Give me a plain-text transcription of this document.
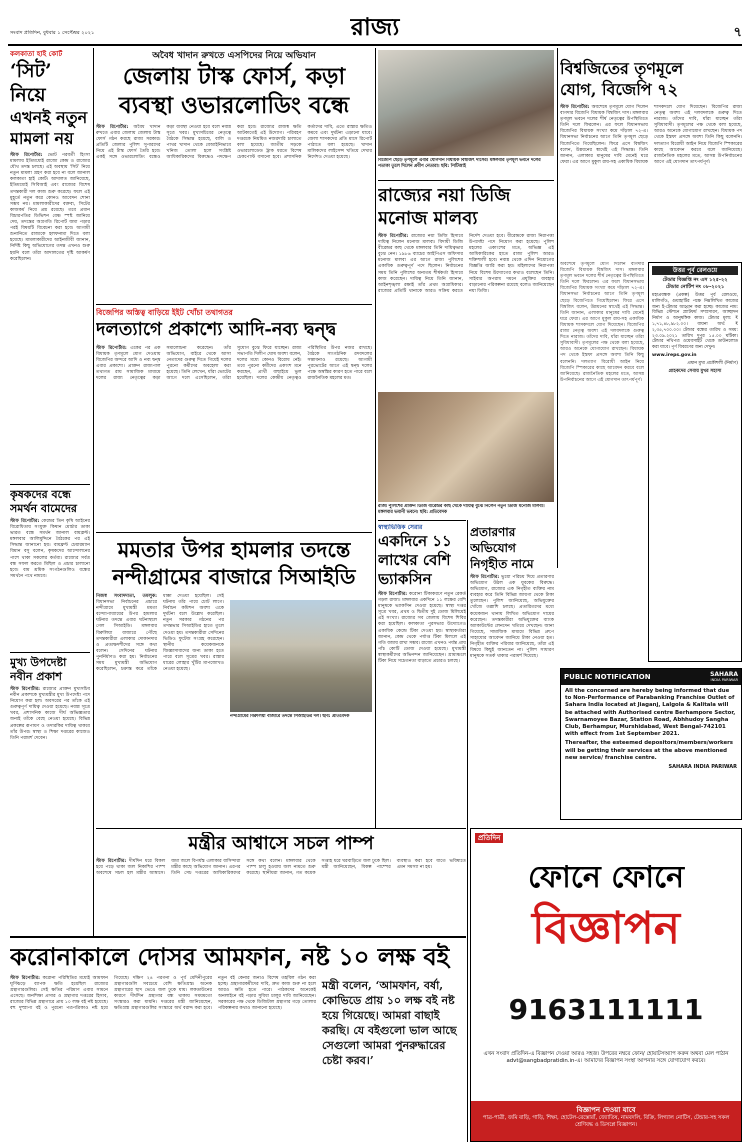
সংবাদ প্রতিদিন, বুধবার ১ সেপ্টেম্বর ২০২১	রাজ্য	৭
কলকাতা হাই কোর্ট
‘সিট’ নিয়ে
এখনই নতুন
মামলা নয়

স্টাফ রিপোর্টার: ভোট পরবর্তী হিংসা মামলায় ইতিমধ্যেই রাজ্যে কেন্দ্র ও রাজ্যের যৌথ তদন্ত চলছে। এই অবস্থায় ‘সিট’ নিয়ে নতুন মামলা গ্রহণ করা হবে না বলে জানাল কলকাতা হাই কোর্ট। আদালত জানিয়েছে, ইতিমধ্যেই সিবিআই এবং রাজ্যের বিশেষ তদন্তকারী দল কাজ শুরু করেছে। ফলে এই মুহূর্তে নতুন করে কোনও আবেদন শোনা সম্ভব নয়। মামলাকারীদের বক্তব্য, সিটের কাজকর্ম নিয়ে প্রশ্ন রয়েছে। তবে প্রধান বিচারপতির ডিভিশন বেঞ্চ স্পষ্ট জানিয়ে দেয়, তদন্তের অগ্রগতি রিপোর্ট জমা পড়ার পরই বিষয়টি বিবেচনা করা হবে। আগামী শুনানিতে রাজ্যকে হলফনামা দিতে বলা হয়েছে। মামলাকারীদের আইনজীবী জানান, নির্দিষ্ট কিছু অভিযোগের তদন্ত এখনও শুরু হয়নি বলে তাঁরা আদালতের দৃষ্টি আকর্ষণ করেছিলেন।

অবৈধ খাদান রুখতে এসপিদের নিয়ে অভিযান
জেলায় টাস্ক ফোর্স, কড়া
ব্যবস্থা ওভারলোডিং বন্ধে

স্টাফ রিপোর্টার: অবৈধ খাদান রুখতে এবার জেলায় জেলায় টাস্ক ফোর্স গঠন করছে রাজ্য সরকার। প্রতিটি জেলার পুলিশ সুপারদের নিয়ে এই টাস্ক ফোর্স তৈরি হবে। একই সঙ্গে ওভারলোডিং বন্ধেও কড়া ব্যবস্থা নেওয়া হবে বলে নবান্ন সূত্রে খবর। মুখ্যসচিবের নেতৃত্বে বৈঠকে সিদ্ধান্ত হয়েছে, বালি ও পাথর খাদান থেকে বেআইনিভাবে খনিজ তোলা হলে সংশ্লিষ্ট আধিকারিকদের বিরুদ্ধেও পদক্ষেপ করা হবে। রাজ্যের রাজস্ব ক্ষতি আটকাতেই এই উদ্যোগ। পরিবহণ দপ্তরকে নিয়মিত নজরদারি চালাতে বলা হয়েছে। জাতীয় সড়কে ওভারলোডেড ট্রাক ধরতে বিশেষ চেকপোস্ট বসানো হবে। প্রশাসনিক কর্তাদের দাবি, এতে রাস্তার ক্ষতিও কমবে এবং দুর্ঘটনা এড়ানো যাবে। জেলা শাসকদের প্রতি মাসে রিপোর্ট পাঠাতে বলা হয়েছে। খাদান মালিকদের লাইসেন্স খতিয়ে দেখার নির্দেশও দেওয়া হয়েছে।

বিজেপির অস্তিত্ব বাড়িয়ে ইইট খোঁচা তথাগতর
দলত্যাগে প্রকাশ্যে আদি-নব্য দ্বন্দ্ব

স্টাফ রিপোর্টার: একের পর এক বিধায়ক তৃণমূলে যোগ দেওয়ায় বিজেপির অন্দরে আদি ও নব্য দ্বন্দ্ব এবার প্রকাশ্যে। প্রাক্তন রাজ্যপাল তথাগত রায় সামাজিক মাধ্যমে দলের রাজ্য নেতৃত্বের কড়া সমালোচনা করেছেন। তাঁর অভিযোগ, বাইরে থেকে আসা নেতাদের গুরুত্ব দিতে গিয়েই দলের পুরনো কর্মীদের অবহেলা করা হয়েছে। তিনি লেখেন, যাঁরা ভোটের আগে দলে এসেছিলেন, তাঁরা সুযোগ বুঝে ফিরে যাচ্ছেন। রাজ্য সভাপতি দিলীপ ঘোষ অবশ্য বলেন, দলের মধ্যে কোনও বিরোধ নেই। তবে পুরনো কর্মীদের একাংশ মনে করছেন, প্রার্থী বাছাইয়ে ভুল হয়েছিল। দলের কেন্দ্রীয় নেতৃত্বও পরিস্থিতির উপর নজর রাখছে। বৈঠকে সাংগঠনিক রদবদলের সম্ভাবনাও রয়েছে। আগামী পুরভোটের আগে এই দ্বন্দ্ব দলের পক্ষে অস্বস্তির কারণ হতে পারে বলে রাজনৈতিক মহলের মত।

কৃষকদের বন্ধে সমর্থন বামেদের

স্টাফ রিপোর্টার: কেন্দ্রের তিন কৃষি আইনের বিরোধিতায় সংযুক্ত কিষান মোর্চার ডাকা ভারত বন্ধে সমর্থন জানাল বামফ্রন্ট। মঙ্গলবার আলিমুদ্দিনে বৈঠকের পর এই সিদ্ধান্ত জানানো হয়। বামফ্রন্ট চেয়ারম্যান বিমান বসু বলেন, কৃষকদের আন্দোলনের পাশে থাকা সকলের কর্তব্য। রাজ্যের সর্বত্র বন্ধ সফল করতে মিছিল ও প্রচার চালানো হবে। বাম শ্রমিক সংগঠনগুলিও বন্ধের সমর্থনে পথে নামবে।

মুখ্য উপদেষ্টা নবীন প্রকাশ

স্টাফ রিপোর্টার: রাজ্যের প্রাক্তন মুখ্যসচিব নবীন প্রকাশকে মুখ্যমন্ত্রীর মুখ্য উপদেষ্টা পদে নিয়োগ করা হল। অবসরের পর তাঁকে এই গুরুত্বপূর্ণ দায়িত্ব দেওয়া হয়েছে। নবান্ন সূত্রে খবর, প্রশাসনিক কাজে দীর্ঘ অভিজ্ঞতার জন্যই তাঁকে বেছে নেওয়া হয়েছে। বিভিন্ন প্রকল্পের রূপায়ণ ও তদারকির দায়িত্ব থাকবে তাঁর উপর। স্বাস্থ্য ও শিক্ষা দপ্তরের কাজেও তিনি পরামর্শ দেবেন।

মমতার উপর হামলার তদন্তে
নন্দীগ্রামের বাজারে সিআইডি

নিজস্ব সংবাদদাতা, তমলুক: বিধানসভা নির্বাচনের প্রচারে নন্দীগ্রামে মুখ্যমন্ত্রী মমতা বন্দ্যোপাধ্যায়ের উপর হামলার ঘটনার তদন্তে এবার ঘটনাস্থলে গেল সিআইডি। মঙ্গলবার বিরুলিয়া বাজারে পৌঁছে তদন্তকারীরা এলাকার দোকানদার ও প্রত্যক্ষদর্শীদের সঙ্গে কথা বলেন। সেদিনের ঘটনার পুনর্নির্মাণও করা হয়। নির্বাচনের সময় মুখ্যমন্ত্রী অভিযোগ করেছিলেন, চক্রান্ত করে তাঁকে ধাক্কা দেওয়া হয়েছিল। সেই ঘটনায় তাঁর পায়ে চোট লাগে। নির্বাচন কমিশন অবশ্য একে দুর্ঘটনা বলে উল্লেখ করেছিল। নতুন সরকার গঠনের পর তদন্তভার সিআইডির হাতে তুলে দেওয়া হয়। তদন্তকারীরা সেদিনের ভিডিও ফুটেজ সংগ্রহ করেছেন। স্থানীয় কয়েকজনকে জিজ্ঞাসাবাদের জন্য ডাকা হতে পারে বলে সূত্রের খবর। রাস্তার ধারের লোহার খুঁটির মাপজোখও নেওয়া হয়েছে।

নন্দীগ্রামের বিরুলিয়া বাজারে তদন্তে সিআইডির দল। ছবি: প্রতিবেদক
বিজেপি ছেড়ে তৃণমূলে এবার যোগদান বিধায়ক বিশ্বজিৎ দাসের। মঙ্গলবার তৃণমূল ভবনে দলের পতাকা তুলে দিলেন প্রবীণ নেতারা। ছবি: পিটিআই
বিশ্বজিতের তৃণমূলে
যোগ, বিজেপি ৭২

স্টাফ রিপোর্টার: অবশেষে তৃণমূলে যোগ দিলেন বাগদার বিজেপি বিধায়ক বিশ্বজিৎ দাস। মঙ্গলবার তৃণমূল ভবনে দলের শীর্ষ নেতৃত্বের উপস্থিতিতে তিনি দলে ফিরলেন। এর ফলে বিধানসভায় বিজেপির বিধায়ক সংখ্যা কমে দাঁড়াল ৭২-এ। বিধানসভা নির্বাচনের আগে তিনি তৃণমূল ছেড়ে বিজেপিতে গিয়েছিলেন। ফিরে এসে বিশ্বজিৎ বলেন, উন্নয়নের স্বার্থেই এই সিদ্ধান্ত। তিনি জানান, এলাকার মানুষের দাবি মেনেই ঘরে ফেরা। এর আগে মুকুল রায়-সহ একাধিক বিধায়ক শাসকদলে যোগ দিয়েছেন। বিজেপির রাজ্য নেতৃত্ব অবশ্য এই দলবদলকে গুরুত্ব দিতে নারাজ। তাঁদের দাবি, যাঁরা যাচ্ছেন তাঁরা সুবিধাবাদী। তৃণমূলের পক্ষ থেকে বলা হয়েছে, আরও অনেকে যোগাযোগ রাখছেন। বিধায়ক পদ থেকে ইস্তফা প্রসঙ্গে অবশ্য তিনি কিছু বলেননি। দলত্যাগ বিরোধী আইন নিয়ে বিজেপি স্পিকারের কাছে আবেদন করবে বলে জানিয়েছে। রাজনৈতিক মহলের মতে, আসন্ন উপনির্বাচনের আগে এই যোগদান তাৎপর্যপূর্ণ।

রাজ্যের নয়া ডিজি
মনোজ মালব্য

স্টাফ রিপোর্টার: রাজ্যের নয়া ডিজি হিসাবে দায়িত্ব নিলেন মনোজ মালব্য। বিদায়ী ডিজি বীরেন্দ্রর কাছ থেকে মঙ্গলবার তিনি দায়িত্বভার বুঝে নেন। ১৯৮৬ ব্যাচের আইপিএস অফিসার মনোজ মালব্য এর আগে রাজ্য পুলিশের একাধিক গুরুত্বপূর্ণ পদে ছিলেন। নির্বাচনের সময় তিনি পুলিশের অন্যতম শীর্ষকর্তা হিসাবে কাজ করেছেন। দায়িত্ব নিয়ে তিনি জানান, আইনশৃঙ্খলা রক্ষাই তাঁর প্রথম অগ্রাধিকার। রাজ্যের প্রতিটি থানাকে আরও সক্রিয় করতে নির্দেশ দেওয়া হবে। বীরেন্দ্রকে রাজ্য নিরাপত্তা উপদেষ্টা পদে নিয়োগ করা হয়েছে। পুলিশ মহলের একাংশের মতে, অভিজ্ঞ এই আধিকারিকের হাতে রাজ্য পুলিশ আরও শক্তিশালী হবে। নবান্ন থেকে এদিন নিয়োগের বিজ্ঞপ্তি জারি করা হয়। মহিলাদের নিরাপত্তা নিয়ে বিশেষ উদ্যোগের কথাও বলেছেন তিনি। সাইবার অপরাধ দমনে প্রযুক্তির ব্যবহার বাড়ানোর পরিকল্পনা রয়েছে বলেও জানিয়েছেন নয়া ডিজি।

রাজ্য পুলিশের প্রাক্তন ডিজি বীরেন্দ্রর কাছ থেকে দায়িত্ব বুঝে নিলেন নতুন ডিজি মনোজ মালব্য। মঙ্গলবার ভবানী ভবনে। ছবি: প্রতিবেদক
স্বাস্থ্যভিত্তিক সেরার
একদিনে ১১
লাখের বেশি
ভ্যাকসিন

স্টাফ রিপোর্টার: করোনা টিকাকরণে নতুন রেকর্ড গড়ল রাজ্য। মঙ্গলবার একদিনে ১১ লক্ষের বেশি মানুষকে ভ্যাকসিন দেওয়া হয়েছে। স্বাস্থ্য দপ্তর সূত্রে খবর, প্রথম ও দ্বিতীয় দুই ডোজ মিলিয়েই এই সংখ্যা। রাজ্যের সব জেলায় বিশেষ শিবির করা হয়েছিল। কলকাতা পুরসভার উদ্যোগেও একাধিক কেন্দ্রে টিকা দেওয়া হয়। স্বাস্থ্যকর্তারা জানান, কেন্দ্র থেকে পর্যাপ্ত টিকা মিললে এই গতি বজায় রাখা সম্ভব। রাজ্যে এখনও পর্যন্ত প্রায় পাঁচ কোটি ডোজ দেওয়া হয়েছে। মুখ্যমন্ত্রী স্বাস্থ্যকর্মীদের অভিনন্দন জানিয়েছেন। গ্রামাঞ্চলে টিকা নিয়ে সচেতনতা বাড়াতে প্রচারও চলছে।

প্রতারণার
অভিযোগ
নিগৃহীত নামে

স্টাফ রিপোর্টার: ভুয়ো পরিচয় দিয়ে প্রতারণার অভিযোগ উঠল এক যুবকের বিরুদ্ধে। অভিযোগ, রাজ্যের এক নিগৃহীত ব্যক্তির নাম ব্যবহার করে তিনি বিভিন্ন জায়গা থেকে টাকা তুলেছেন। পুলিশ জানিয়েছে, অভিযুক্তের খোঁজে তল্লাশি চলছে। প্রতারিতদের মধ্যে কয়েকজন থানায় লিখিত অভিযোগ দায়ের করেছেন। তদন্তকারীরা অভিযুক্তের ব্যাংক অ্যাকাউন্টের লেনদেন খতিয়ে দেখছেন। জানা গিয়েছে, সামাজিক মাধ্যমে বিভিন্ন গ্রুপে সাহায্যের আবেদন জানিয়ে টাকা নেওয়া হত। নিগৃহীত ব্যক্তির পরিবার জানিয়েছে, তাঁরা এই বিষয়ে কিছুই জানতেন না। পুলিশ সাধারণ মানুষকে সতর্ক থাকার পরামর্শ দিয়েছে।

মন্ত্রীর আশ্বাসে সচল পাম্প

স্টাফ রিপোর্টার: দীর্ঘদিন ধরে বিকল হয়ে পড়ে থাকা জল নিকাশির পাম্প অবশেষে সচল হল মন্ত্রীর আশ্বাসে। জমা জলে বিপর্যস্ত এলাকার বাসিন্দারা মন্ত্রীর কাছে অভিযোগ জানান। এরপর তিনি সেচ দপ্তরের আধিকারিকদের সঙ্গে কথা বলেন। মঙ্গলবার থেকে পাম্প চালু হওয়ায় জল নামতে শুরু করেছে। স্থানীয়রা জানান, গত কয়েক সপ্তাহ ধরে ঘরবাড়িতে জল ঢুকে ছিল। মন্ত্রী জানিয়েছেন, বিকল্প পাম্পের ব্যবস্থাও করা হবে যাতে ভবিষ্যতে এমন সমস্যা না হয়।

করোনাকালে দোসর আমফান, নষ্ট ১০ লক্ষ বই

স্টাফ রিপোর্টার: করোনা পরিস্থিতির মধ্যেই আমফান ঘূর্ণিঝড়ে ব্যাপক ক্ষতি হয়েছিল রাজ্যের গ্রন্থাগারগুলির। সেই ক্ষতির পরিমাণ এবার সামনে এসেছে। জনশিক্ষা প্রসার ও গ্রন্থাগার দপ্তরের হিসাব, রাজ্যের বিভিন্ন গ্রন্থাগারে প্রায় ১০ লক্ষ বই নষ্ট হয়েছে। বহু দুষ্প্রাপ্য বই ও পুরনো পত্রপত্রিকাও নষ্ট হয়ে গিয়েছে। দক্ষিণ ২৪ পরগনা ও পূর্ব মেদিনীপুরের গ্রন্থাগারগুলি সবচেয়ে বেশি ক্ষতিগ্রস্ত। অনেক গ্রন্থাগারের ছাদ ভেঙে জল ঢুকে যায়। লকডাউনের কারণে দীর্ঘদিন গ্রন্থাগার বন্ধ থাকায় সময়মতো সংস্কারও করা যায়নি। দপ্তরের মন্ত্রী জানিয়েছেন, ক্ষতিগ্রস্ত গ্রন্থাগারগুলির সংস্কারে অর্থ বরাদ্দ করা হবে। নতুন বই কেনার জন্যও বিশেষ তহবিল গঠন করা হচ্ছে। গ্রন্থাগারকর্মীদের দাবি, দ্রুত কাজ শুরু না হলে আরও ক্ষতি হতে পারে। পাঠকদের অনেকেই অনলাইনে বই পড়ার সুবিধা চালুর দাবি জানিয়েছেন। সরকারের পক্ষ থেকে ডিজিটাল গ্রন্থাগার গড়ে তোলার পরিকল্পনার কথাও জানানো হয়েছে।

মন্ত্রী বলেন, ‘আমফান, বর্ষা, কোভিডে প্রায় ১০ লক্ষ বই নষ্ট হয়ে গিয়েছে। আমরা বাছাই করছি। যে বইগুলো ভাল আছে সেগুলো আমরা পুনরুদ্ধারের চেষ্টা করব।’
উত্তর পূর্ব রেলওয়ে
টেন্ডার বিজ্ঞপ্তি নং এস ১২৫-২২
টেন্ডার নোটিশ নং ০৮-২০২১

মহাপ্রবন্ধক (প্রকল্প) উত্তর পূর্ব রেলওয়ে, মালিগাঁও, গুয়াহাটির পক্ষে নিম্নলিখিত কাজের জন্য ই-টেন্ডার আহ্বান করা হচ্ছে। কাজের নাম: বিভিন্ন স্টেশনে প্ল্যাটফর্ম সম্প্রসারণ, আচ্ছাদন নির্মাণ ও আনুষঙ্গিক কাজ। টেন্ডার মূল্য: ₹ ১,৭১,৪৮,৯৮২.০০। বায়না অর্থ: ₹ ২,৩৫,৭০০.০০। টেন্ডার বন্ধের তারিখ ও সময়: ২৩.০৯.২০২১ তারিখ দুপুর ১৫.০০ ঘটিকা। টেন্ডার নথিপত্র ওয়েবসাইট থেকে ডাউনলোড করা যাবে। পূর্ণ বিবরণের জন্য দেখুন।

www.ireps.gov.in
প্রধান মুখ্য প্রকৌশলী (নির্মাণ)
গ্রাহকদের সেবায় মুখর সহাস্য

অবশেষে তৃণমূলে যোগ দিলেন বাগদার বিজেপি বিধায়ক বিশ্বজিৎ দাস। মঙ্গলবার তৃণমূল ভবনে দলের শীর্ষ নেতৃত্বের উপস্থিতিতে তিনি দলে ফিরলেন। এর ফলে বিধানসভায় বিজেপির বিধায়ক সংখ্যা কমে দাঁড়াল ৭২-এ। বিধানসভা নির্বাচনের আগে তিনি তৃণমূল ছেড়ে বিজেপিতে গিয়েছিলেন। ফিরে এসে বিশ্বজিৎ বলেন, উন্নয়নের স্বার্থেই এই সিদ্ধান্ত। তিনি জানান, এলাকার মানুষের দাবি মেনেই ঘরে ফেরা। এর আগে মুকুল রায়-সহ একাধিক বিধায়ক শাসকদলে যোগ দিয়েছেন। বিজেপির রাজ্য নেতৃত্ব অবশ্য এই দলবদলকে গুরুত্ব দিতে নারাজ। তাঁদের দাবি, যাঁরা যাচ্ছেন তাঁরা সুবিধাবাদী। তৃণমূলের পক্ষ থেকে বলা হয়েছে, আরও অনেকে যোগাযোগ রাখছেন। বিধায়ক পদ থেকে ইস্তফা প্রসঙ্গে অবশ্য তিনি কিছু বলেননি। দলত্যাগ বিরোধী আইন নিয়ে বিজেপি স্পিকারের কাছে আবেদন করবে বলে জানিয়েছে। রাজনৈতিক মহলের মতে, আসন্ন উপনির্বাচনের আগে এই যোগদান তাৎপর্যপূর্ণ।

PUBLIC NOTIFICATION	SAHARA
INDIA PARIWAR

All the concerned are hereby being informed that due to Non-Performance of Parabanking Franchise Outlet of Sahara India located at Jiaganj, Lalgola & Kalitala will be attached with Authorised centre Berhampore Sector, Swarnamoyee Bazar, Station Road, Abhhudoy Sangha Club, Berhampur, Murshidabad, West Bengal-742101 with effect from 1st September 2021.

Thereafter, the esteemed depositors/members/workers will be getting their services at the above mentioned new service/ franchise centre.

SAHARA INDIA PARIWAR
প্রতিদিন
ফোনে ফোনে
বিজ্ঞাপন
9163111111

এখন সংবাদ প্রতিদিন-এ বিজ্ঞাপন দেওয়া আরও সহজ। উপরের নম্বরে ফোন/ হোয়াটসঅ্যাপ করুন অথবা মেল পাঠান advt@sangbadpratidin.in-এ। আমাদের বিজ্ঞাপন সংস্থা আপনার সঙ্গে যোগাযোগ করবে।

বিজ্ঞাপন দেওয়া যাবে
পাত্র-পাত্রী, জমি বাড়ি, গাড়ি, শিক্ষা, হোটেল-রেস্তোরাঁ, জ্যোতিষ, নামবদলি, বিক্রি, লিগ্যাল নোটিস, টেন্ডার-সহ সকল শ্রেণিবদ্ধ ও ডিসপ্লে বিজ্ঞাপন।
